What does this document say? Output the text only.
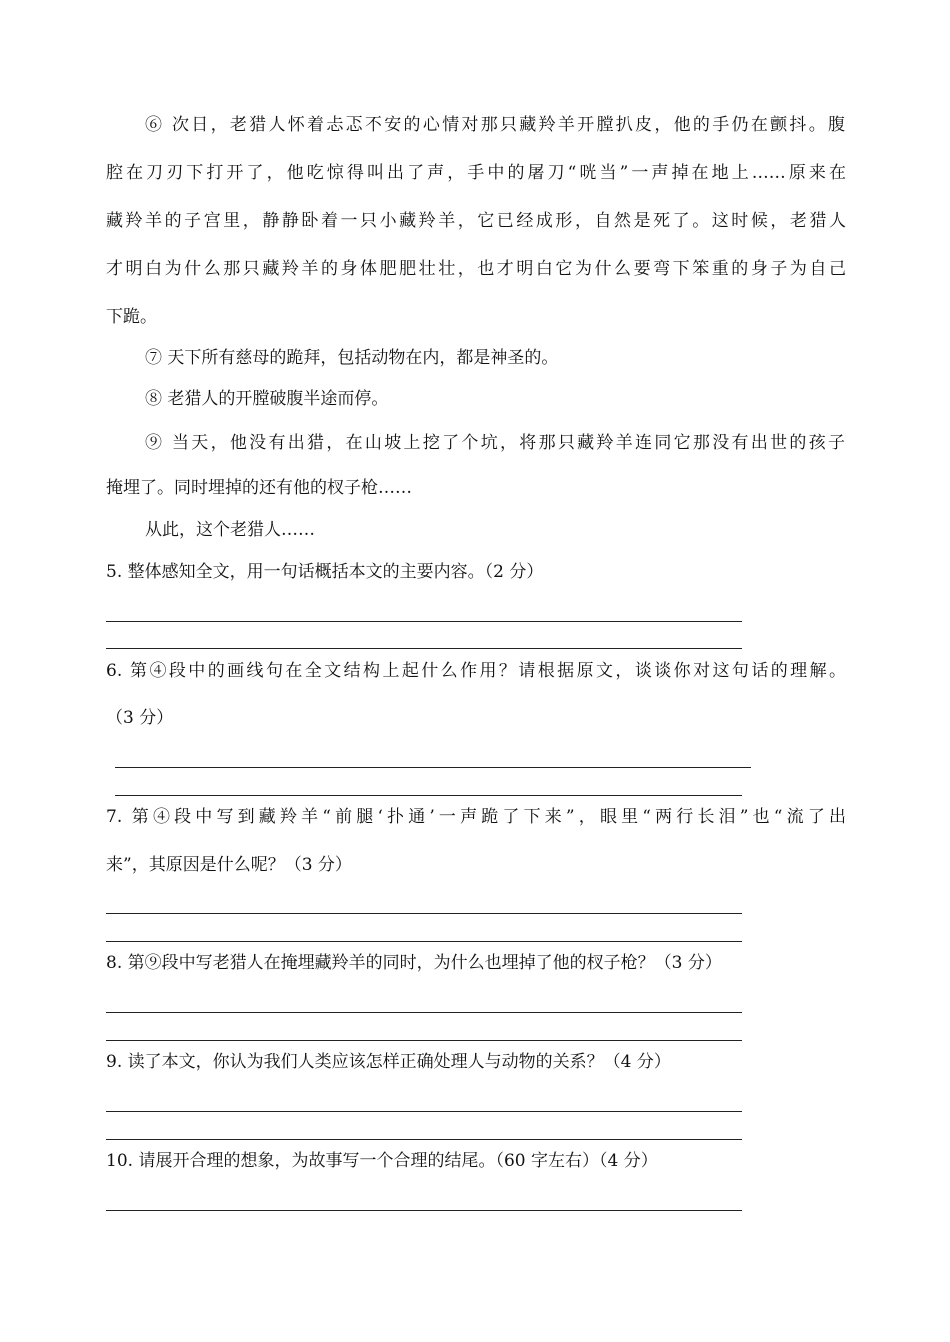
⑥ 次日，老猎人怀着忐忑不安的心情对那只藏羚羊开膛扒皮，他的手仍在颤抖。腹
腔在刀刃下打开了，他吃惊得叫出了声，手中的屠刀“咣当”一声掉在地上……原来在
藏羚羊的子宫里，静静卧着一只小藏羚羊，它已经成形，自然是死了。这时候，老猎人
才明白为什么那只藏羚羊的身体肥肥壮壮，也才明白它为什么要弯下笨重的身子为自己
下跪。
⑦ 天下所有慈母的跪拜，包括动物在内，都是神圣的。
⑧ 老猎人的开膛破腹半途而停。
⑨ 当天，他没有出猎，在山坡上挖了个坑，将那只藏羚羊连同它那没有出世的孩子
掩埋了。同时埋掉的还有他的杈子枪……
从此，这个老猎人……
5. 整体感知全文，用一句话概括本文的主要内容。（2 分）
6. 第④段中的画线句在全文结构上起什么作用？请根据原文，谈谈你对这句话的理解。
（3 分）
7. 第④段中写到藏羚羊“前腿‘扑通’一声跪了下来”，眼里“两行长泪”也“流了出
来”，其原因是什么呢？（3 分）
8. 第⑨段中写老猎人在掩埋藏羚羊的同时，为什么也埋掉了他的杈子枪？（3 分）
9. 读了本文，你认为我们人类应该怎样正确处理人与动物的关系？（4 分）
10. 请展开合理的想象，为故事写一个合理的结尾。（60 字左右）（4 分）
